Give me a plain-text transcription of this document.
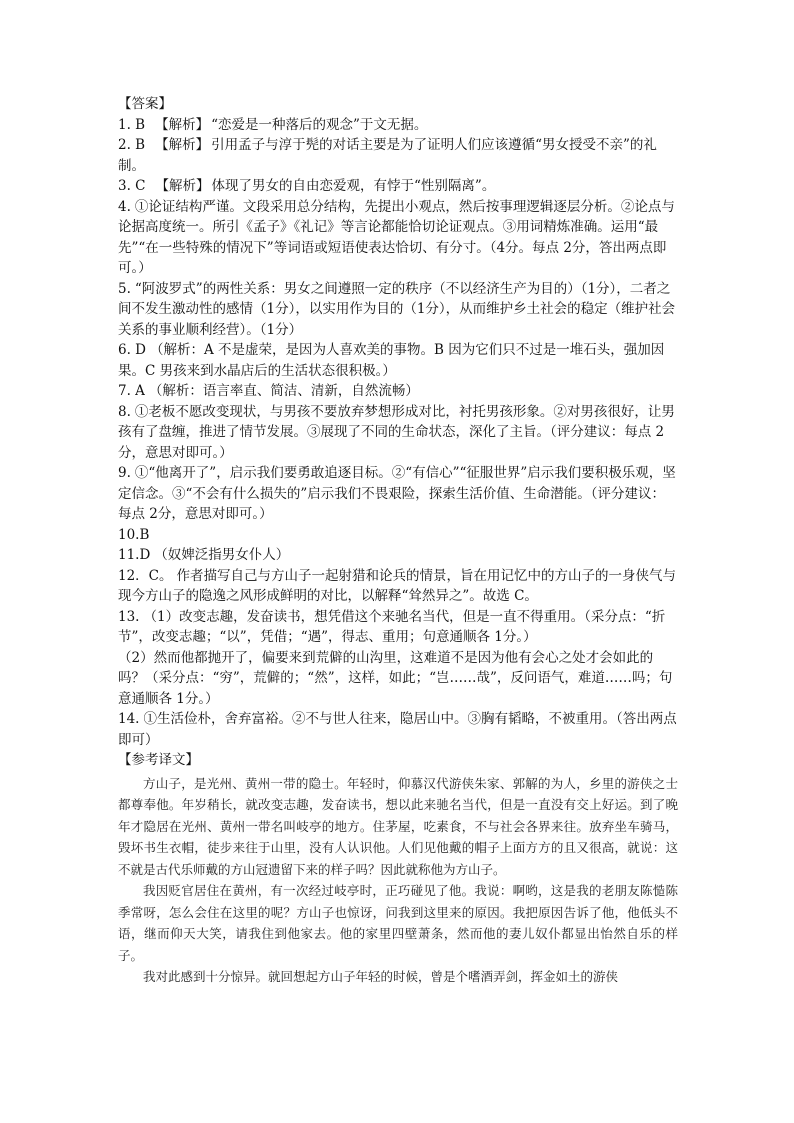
【答案】

1. B 【解析】 “恋爱是一种落后的观念”于文无据。

2. B 【解析】 引用孟子与淳于髡的对话主要是为了证明人们应该遵循“男女授受不亲”的礼制。

3. C 【解析】 体现了男女的自由恋爱观，有悖于“性别隔离”。

4. ①论证结构严谨。文段采用总分结构，先提出小观点，然后按事理逻辑逐层分析。②论点与论据高度统一。所引《孟子》《礼记》等言论都能恰切论证观点。③用词精炼准确。运用“最先”“在一些特殊的情况下”等词语或短语使表达恰切、有分寸。（4分。每点 2分，答出两点即可。）

5. “阿波罗式”的两性关系：男女之间遵照一定的秩序（不以经济生产为目的）（1分），二者之间不发生激动性的感情（1分），以实用作为目的（1分），从而维护乡土社会的稳定（维护社会关系的事业顺利经营）。（1分）

6. D （解析：A 不是虚荣，是因为人喜欢美的事物。B 因为它们只不过是一堆石头，强加因果。C 男孩来到水晶店后的生活状态很积极。）

7. A （解析：语言率直、简洁、清新，自然流畅）

8. ①老板不愿改变现状，与男孩不要放弃梦想形成对比，衬托男孩形象。②对男孩很好，让男孩有了盘缠，推进了情节发展。③展现了不同的生命状态，深化了主旨。（评分建议：每点 2分，意思对即可。）

9. ①“他离开了”，启示我们要勇敢追逐目标。②“有信心”“征服世界”启示我们要积极乐观，坚定信念。③“不会有什么损失的”启示我们不畏艰险，探索生活价值、生命潜能。（评分建议：每点 2分，意思对即可。）

10.B

11.D （奴婢泛指男女仆人）

12．C。 作者描写自己与方山子一起射猎和论兵的情景，旨在用记忆中的方山子的一身侠气与现今方山子的隐逸之风形成鲜明的对比，以解释“耸然异之”。故选 C。

13. （1）改变志趣，发奋读书，想凭借这个来驰名当代，但是一直不得重用。（采分点：“折节”，改变志趣；“以”，凭借；“遇”，得志、重用；句意通顺各 1分。）

（2）然而他都抛开了，偏要来到荒僻的山沟里，这难道不是因为他有会心之处才会如此的吗？（采分点：“穷”，荒僻的；“然”，这样，如此；“岂……哉”，反问语气，难道……吗；句意通顺各 1分。）

14. ①生活俭朴，舍弃富裕。②不与世人往来，隐居山中。③胸有韬略，不被重用。（答出两点即可）

【参考译文】

方山子，是光州、黄州一带的隐士。年轻时，仰慕汉代游侠朱家、郭解的为人，乡里的游侠之士都尊奉他。年岁稍长，就改变志趣，发奋读书，想以此来驰名当代，但是一直没有交上好运。到了晚年才隐居在光州、黄州一带名叫岐亭的地方。住茅屋，吃素食，不与社会各界来往。放弃坐车骑马，毁坏书生衣帽，徒步来往于山里，没有人认识他。人们见他戴的帽子上面方方的且又很高，就说：这不就是古代乐师戴的方山冠遗留下来的样子吗？因此就称他为方山子。

我因贬官居住在黄州，有一次经过岐亭时，正巧碰见了他。我说：啊哟，这是我的老朋友陈慥陈季常呀，怎么会住在这里的呢？方山子也惊讶，问我到这里来的原因。我把原因告诉了他，他低头不语，继而仰天大笑，请我住到他家去。他的家里四壁萧条，然而他的妻儿奴仆都显出怡然自乐的样子。

我对此感到十分惊异。就回想起方山子年轻的时候，曾是个嗜酒弄剑，挥金如土的游侠
